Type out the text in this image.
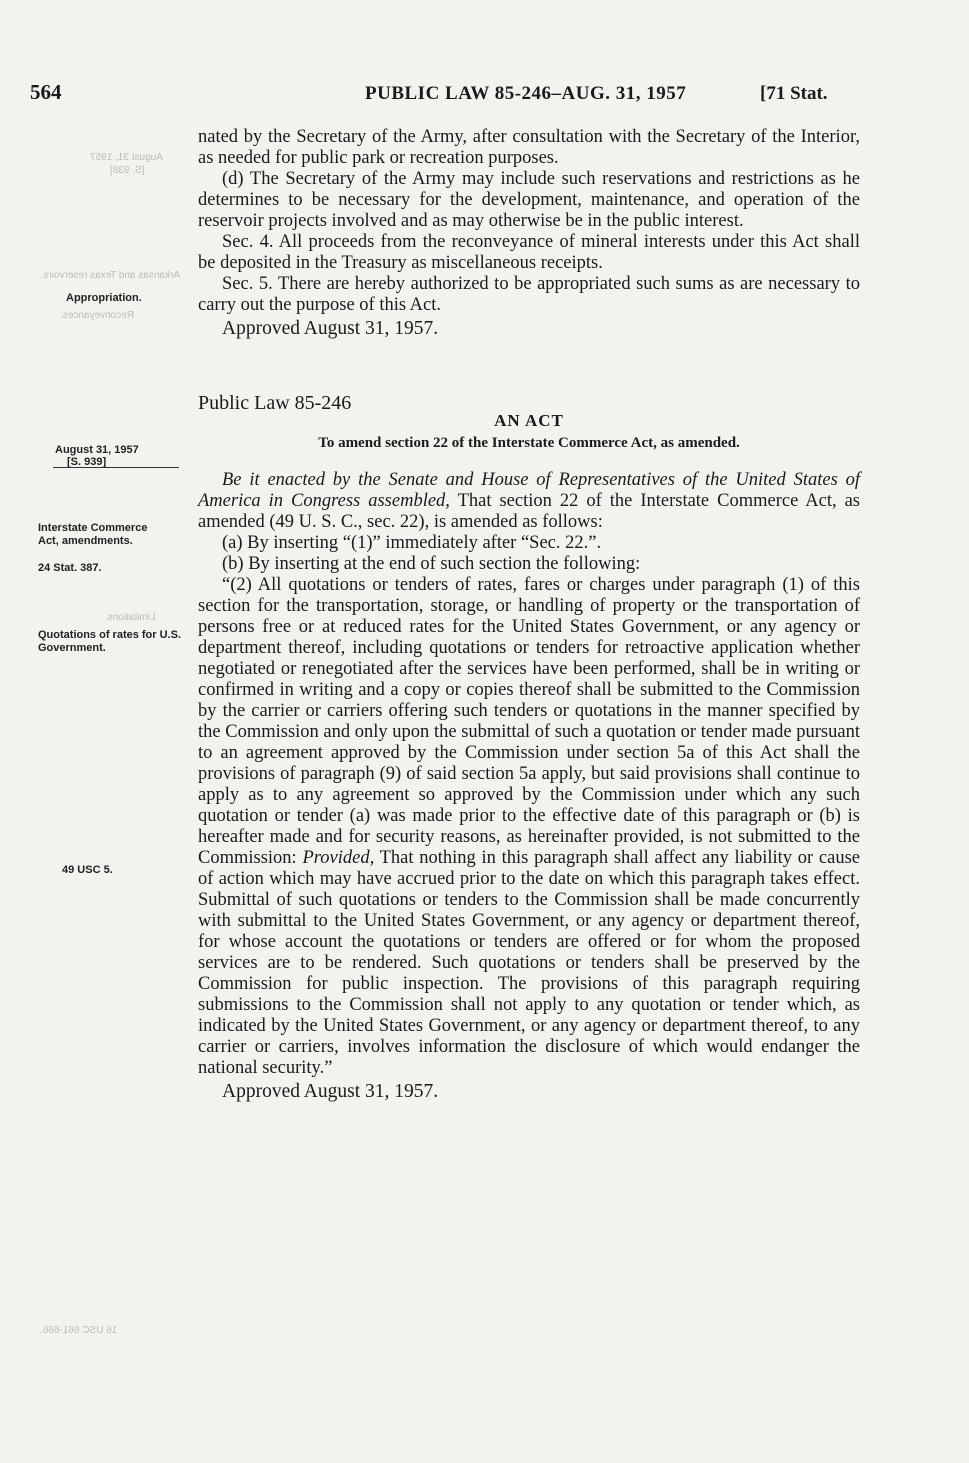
564	PUBLIC LAW 85-246–AUG. 31, 1957	[71 Stat.
August 31, 1957
[S. 938]
Arkansas and Texas reservoirs.
Reconveyances.
Limitations.
16 USC 661-666.
Appropriation.
August 31, 1957
[S. 939]
Interstate Commerce Act, amendments.
24 Stat. 387.
Quotations of rates for U.S. Government.
49 USC 5.

nated by the Secretary of the Army, after consultation with the Secretary of the Interior, as needed for public park or recreation purposes.

(d) The Secretary of the Army may include such reservations and restrictions as he determines to be necessary for the development, maintenance, and operation of the reservoir projects involved and as may otherwise be in the public interest.

Sec. 4. All proceeds from the reconveyance of mineral interests under this Act shall be deposited in the Treasury as miscellaneous receipts.

Sec. 5. There are hereby authorized to be appropriated such sums as are necessary to carry out the purpose of this Act.

Approved August 31, 1957.

Public Law 85-246

AN ACT

To amend section 22 of the Interstate Commerce Act, as amended.

Be it enacted by the Senate and House of Representatives of the United States of America in Congress assembled, That section 22 of the Interstate Commerce Act, as amended (49 U. S. C., sec. 22), is amended as follows:

(a) By inserting “(1)” immediately after “Sec. 22.”.

(b) By inserting at the end of such section the following:

“(2) All quotations or tenders of rates, fares or charges under paragraph (1) of this section for the transportation, storage, or handling of property or the transportation of persons free or at reduced rates for the United States Government, or any agency or department thereof, including quotations or tenders for retroactive application whether negotiated or renegotiated after the services have been performed, shall be in writing or confirmed in writing and a copy or copies thereof shall be submitted to the Commission by the carrier or carriers offering such tenders or quotations in the manner specified by the Commission and only upon the submittal of such a quotation or tender made pursuant to an agreement approved by the Commission under section 5a of this Act shall the provisions of paragraph (9) of said section 5a apply, but said provisions shall continue to apply as to any agreement so approved by the Commission under which any such quotation or tender (a) was made prior to the effective date of this paragraph or (b) is hereafter made and for security reasons, as hereinafter provided, is not submitted to the Commission: Provided, That nothing in this paragraph shall affect any liability or cause of action which may have accrued prior to the date on which this paragraph takes effect. Submittal of such quotations or tenders to the Commission shall be made concurrently with submittal to the United States Government, or any agency or department thereof, for whose account the quotations or tenders are offered or for whom the proposed services are to be rendered. Such quotations or tenders shall be preserved by the Commission for public inspection. The provisions of this paragraph requiring submissions to the Commission shall not apply to any quotation or tender which, as indicated by the United States Government, or any agency or department thereof, to any carrier or carriers, involves information the disclosure of which would endanger the national security.”

Approved August 31, 1957.
